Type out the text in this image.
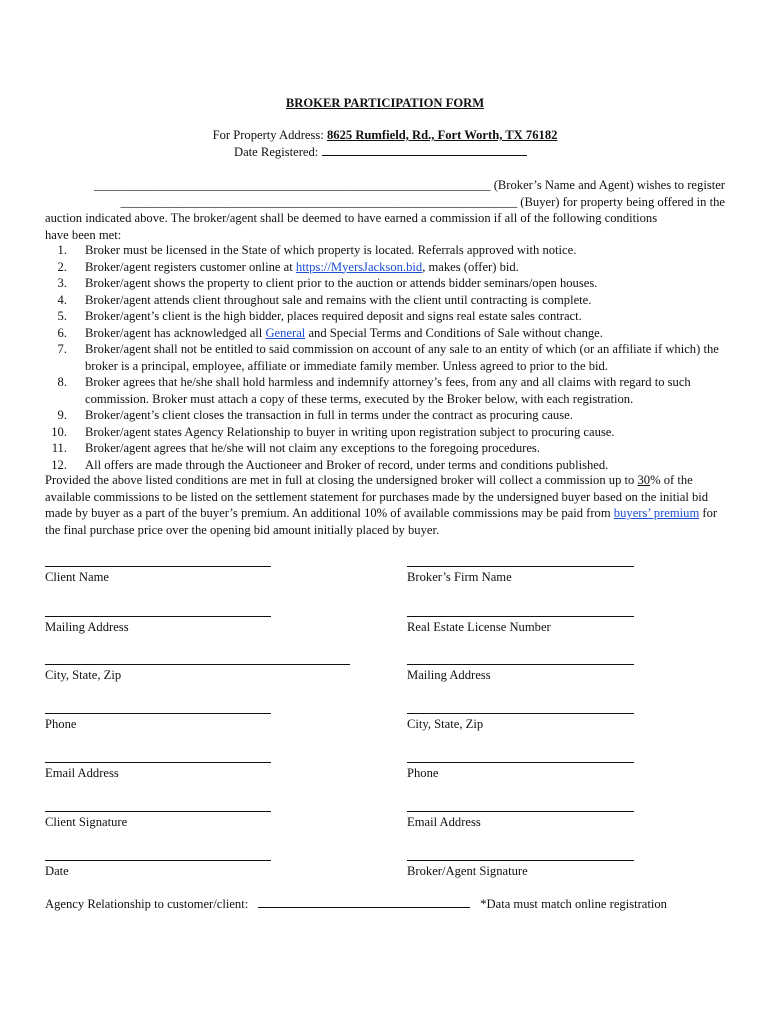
BROKER PARTICIPATION FORM
For Property Address: 8625 Rumfield, Rd., Fort Worth, TX 76182
Date Registered:
_______________________________________________________________ (Broker’s Name and Agent) wishes to register
_______________________________________________________________ (Buyer) for property being offered in the
auction indicated above. The broker/agent shall be deemed to have earned a commission if all of the following conditions
have been met:
1. Broker must be licensed in the State of which property is located. Referrals approved with notice.
2. Broker/agent registers customer online at https://MyersJackson.bid, makes (offer) bid.
3. Broker/agent shows the property to client prior to the auction or attends bidder seminars/open houses.
4. Broker/agent attends client throughout sale and remains with the client until contracting is complete.
5. Broker/agent’s client is the high bidder, places required deposit and signs real estate sales contract.
6. Broker/agent has acknowledged all General and Special Terms and Conditions of Sale without change.
7. Broker/agent shall not be entitled to said commission on account of any sale to an entity of which (or an affiliate if which) the broker is a principal, employee, affiliate or immediate family member. Unless agreed to prior to the bid.
8. Broker agrees that he/she shall hold harmless and indemnify attorney’s fees, from any and all claims with regard to such commission. Broker must attach a copy of these terms, executed by the Broker below, with each registration.
9. Broker/agent’s client closes the transaction in full in terms under the contract as procuring cause.
10. Broker/agent states Agency Relationship to buyer in writing upon registration subject to procuring cause.
11. Broker/agent agrees that he/she will not claim any exceptions to the foregoing procedures.
12. All offers are made through the Auctioneer and Broker of record, under terms and conditions published.
Provided the above listed conditions are met in full at closing the undersigned broker will collect a commission up to 30% of the available commissions to be listed on the settlement statement for purchases made by the undersigned buyer based on the initial bid made by buyer as a part of the buyer’s premium. An additional 10% of available commissions may be paid from buyers’ premium for the final purchase price over the opening bid amount initially placed by buyer.
Client Name
Mailing Address
City, State, Zip
Phone
Email Address
Client Signature
Date
Broker’s Firm Name
Real Estate License Number
Mailing Address
City, State, Zip
Phone
Email Address
Broker/Agent Signature
Agency Relationship to customer/client:	*Data must match online registration
